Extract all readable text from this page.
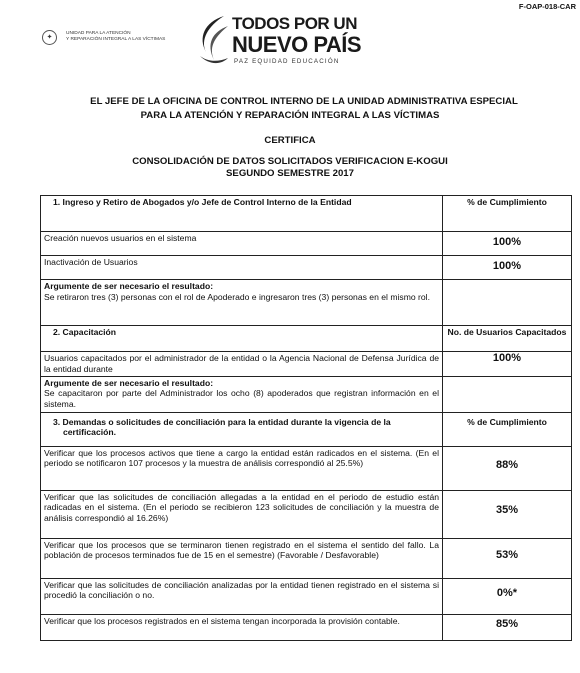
F-OAP-018-CAR
✦
UNIDAD PARA LA ATENCIÓN
Y REPARACIÓN INTEGRAL A LAS VÍCTIMAS
TODOS POR UN
NUEVO PAÍS
PAZ EQUIDAD EDUCACIÓN
EL JEFE DE LA OFICINA DE CONTROL INTERNO DE LA UNIDAD ADMINISTRATIVA ESPECIAL
PARA LA ATENCIÓN Y REPARACIÓN INTEGRAL A LAS VÍCTIMAS
CERTIFICA
CONSOLIDACIÓN DE DATOS SOLICITADOS VERIFICACION E-KOGUI
SEGUNDO SEMESTRE 2017
1. Ingreso y Retiro de Abogados y/o Jefe de Control Interno de la Entidad	% de Cumplimiento
Creación nuevos usuarios en el sistema	100%
Inactivación de Usuarios	100%

Argumente de ser necesario el resultado:
Se retiraron tres (3) personas con el rol de Apoderado e ingresaron tres (3) personas en el mismo rol.	

2. Capacitación	No. de Usuarios Capacitados
Usuarios capacitados por el administrador de la entidad o la Agencia Nacional de Defensa Jurídica de la entidad durante	100%

Argumente de ser necesario el resultado:
Se capacitaron por parte del Administrador los ocho (8) apoderados que registran información en el sistema.	

3. Demandas o solicitudes de conciliación para la entidad durante la vigencia de la certificación.	% de Cumplimiento
Verificar que los procesos activos que tiene a cargo la entidad están radicados en el sistema. (En el periodo se notificaron 107 procesos y la muestra de análisis correspondió al 25.5%)	88%
Verificar que las solicitudes de conciliación allegadas a la entidad en el periodo de estudio están radicadas en el sistema. (En el periodo se recibieron 123 solicitudes de conciliación y la muestra de análisis correspondió al 16.26%)	35%
Verificar que los procesos que se terminaron tienen registrado en el sistema el sentido del fallo. La población de procesos terminados fue de 15 en el semestre) (Favorable / Desfavorable)	53%
Verificar que las solicitudes de conciliación analizadas por la entidad tienen registrado en el sistema si procedió la conciliación o no.	0%*
Verificar que los procesos registrados en el sistema tengan incorporada la provisión contable.	85%
